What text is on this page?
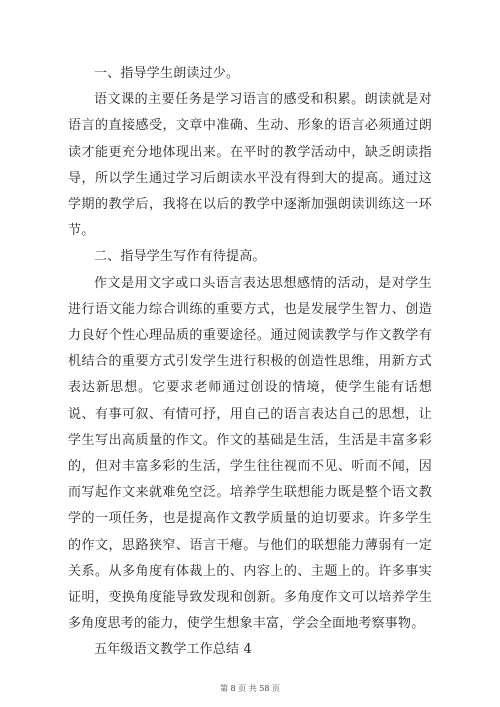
一、指导学生朗读过少。

语文课的主要任务是学习语言的感受和积累。朗读就是对语言的直接感受，文章中准确、生动、形象的语言必须通过朗读才能更充分地体现出来。在平时的教学活动中，缺乏朗读指导，所以学生通过学习后朗读水平没有得到大的提高。通过这学期的教学后，我将在以后的教学中逐渐加强朗读训练这一环节。

二、指导学生写作有待提高。

作文是用文字或口头语言表达思想感情的活动，是对学生进行语文能力综合训练的重要方式，也是发展学生智力、创造力良好个性心理品质的重要途径。通过阅读教学与作文教学有机结合的重要方式引发学生进行积极的创造性思维，用新方式表达新思想。它要求老师通过创设的情境，使学生能有话想说、有事可叙、有情可抒，用自己的语言表达自己的思想，让学生写出高质量的作文。作文的基础是生活，生活是丰富多彩的，但对丰富多彩的生活，学生往往视而不见、听而不闻，因而写起作文来就难免空泛。培养学生联想能力既是整个语文教学的一项任务，也是提高作文教学质量的迫切要求。许多学生的作文，思路狭窄、语言干瘪。与他们的联想能力薄弱有一定关系。从多角度有体裁上的、内容上的、主题上的。许多事实证明，变换角度能导致发现和创新。多角度作文可以培养学生多角度思考的能力，使学生想象丰富，学会全面地考察事物。

五年级语文教学工作总结 4

第 8 页 共 58 页
